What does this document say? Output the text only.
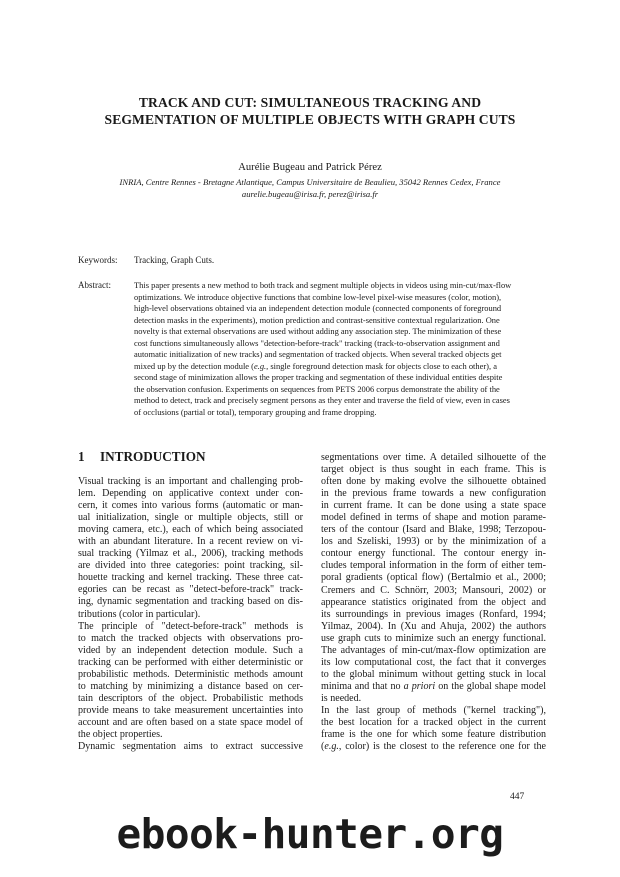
TRACK AND CUT: SIMULTANEOUS TRACKING AND
SEGMENTATION OF MULTIPLE OBJECTS WITH GRAPH CUTS
Aurélie Bugeau and Patrick Pérez
INRIA, Centre Rennes - Bretagne Atlantique, Campus Universitaire de Beaulieu, 35042 Rennes Cedex, France
aurelie.bugeau@irisa.fr, perez@irisa.fr
Keywords: Tracking, Graph Cuts.
Abstract:	This paper presents a new method to both track and segment multiple objects in videos using min-cut/max-flow
optimizations. We introduce objective functions that combine low-level pixel-wise measures (color, motion),
high-level observations obtained via an independent detection module (connected components of foreground
detection masks in the experiments), motion prediction and contrast-sensitive contextual regularization. One
novelty is that external observations are used without adding any association step. The minimization of these
cost functions simultaneously allows "detection-before-track" tracking (track-to-observation assignment and
automatic initialization of new tracks) and segmentation of tracked objects. When several tracked objects get
mixed up by the detection module (e.g., single foreground detection mask for objects close to each other), a
second stage of minimization allows the proper tracking and segmentation of these individual entities despite
the observation confusion. Experiments on sequences from PETS 2006 corpus demonstrate the ability of the
method to detect, track and precisely segment persons as they enter and traverse the field of view, even in cases
of occlusions (partial or total), temporary grouping and frame dropping.
1 INTRODUCTION
Visual tracking is an important and challenging prob-
lem. Depending on applicative context under con-
cern, it comes into various forms (automatic or man-
ual initialization, single or multiple objects, still or
moving camera, etc.), each of which being associated
with an abundant literature. In a recent review on vi-
sual tracking (Yilmaz et al., 2006), tracking methods
are divided into three categories: point tracking, sil-
houette tracking and kernel tracking. These three cat-
egories can be recast as "detect-before-track" track-
ing, dynamic segmentation and tracking based on dis-
tributions (color in particular).
The principle of "detect-before-track" methods is
to match the tracked objects with observations pro-
vided by an independent detection module. Such a
tracking can be performed with either deterministic or
probabilistic methods. Deterministic methods amount
to matching by minimizing a distance based on cer-
tain descriptors of the object. Probabilistic methods
provide means to take measurement uncertainties into
account and are often based on a state space model of
the object properties.
Dynamic segmentation aims to extract successive
segmentations over time. A detailed silhouette of the
target object is thus sought in each frame. This is
often done by making evolve the silhouette obtained
in the previous frame towards a new configuration
in current frame. It can be done using a state space
model defined in terms of shape and motion parame-
ters of the contour (Isard and Blake, 1998; Terzopou-
los and Szeliski, 1993) or by the minimization of a
contour energy functional. The contour energy in-
cludes temporal information in the form of either tem-
poral gradients (optical flow) (Bertalmio et al., 2000;
Cremers and C. Schnörr, 2003; Mansouri, 2002) or
appearance statistics originated from the object and
its surroundings in previous images (Ronfard, 1994;
Yilmaz, 2004). In (Xu and Ahuja, 2002) the authors
use graph cuts to minimize such an energy functional.
The advantages of min-cut/max-flow optimization are
its low computational cost, the fact that it converges
to the global minimum without getting stuck in local
minima and that no a priori on the global shape model
is needed.
In the last group of methods ("kernel tracking"),
the best location for a tracked object in the current
frame is the one for which some feature distribution
(e.g., color) is the closest to the reference one for the
447
ebook-hunter.org
